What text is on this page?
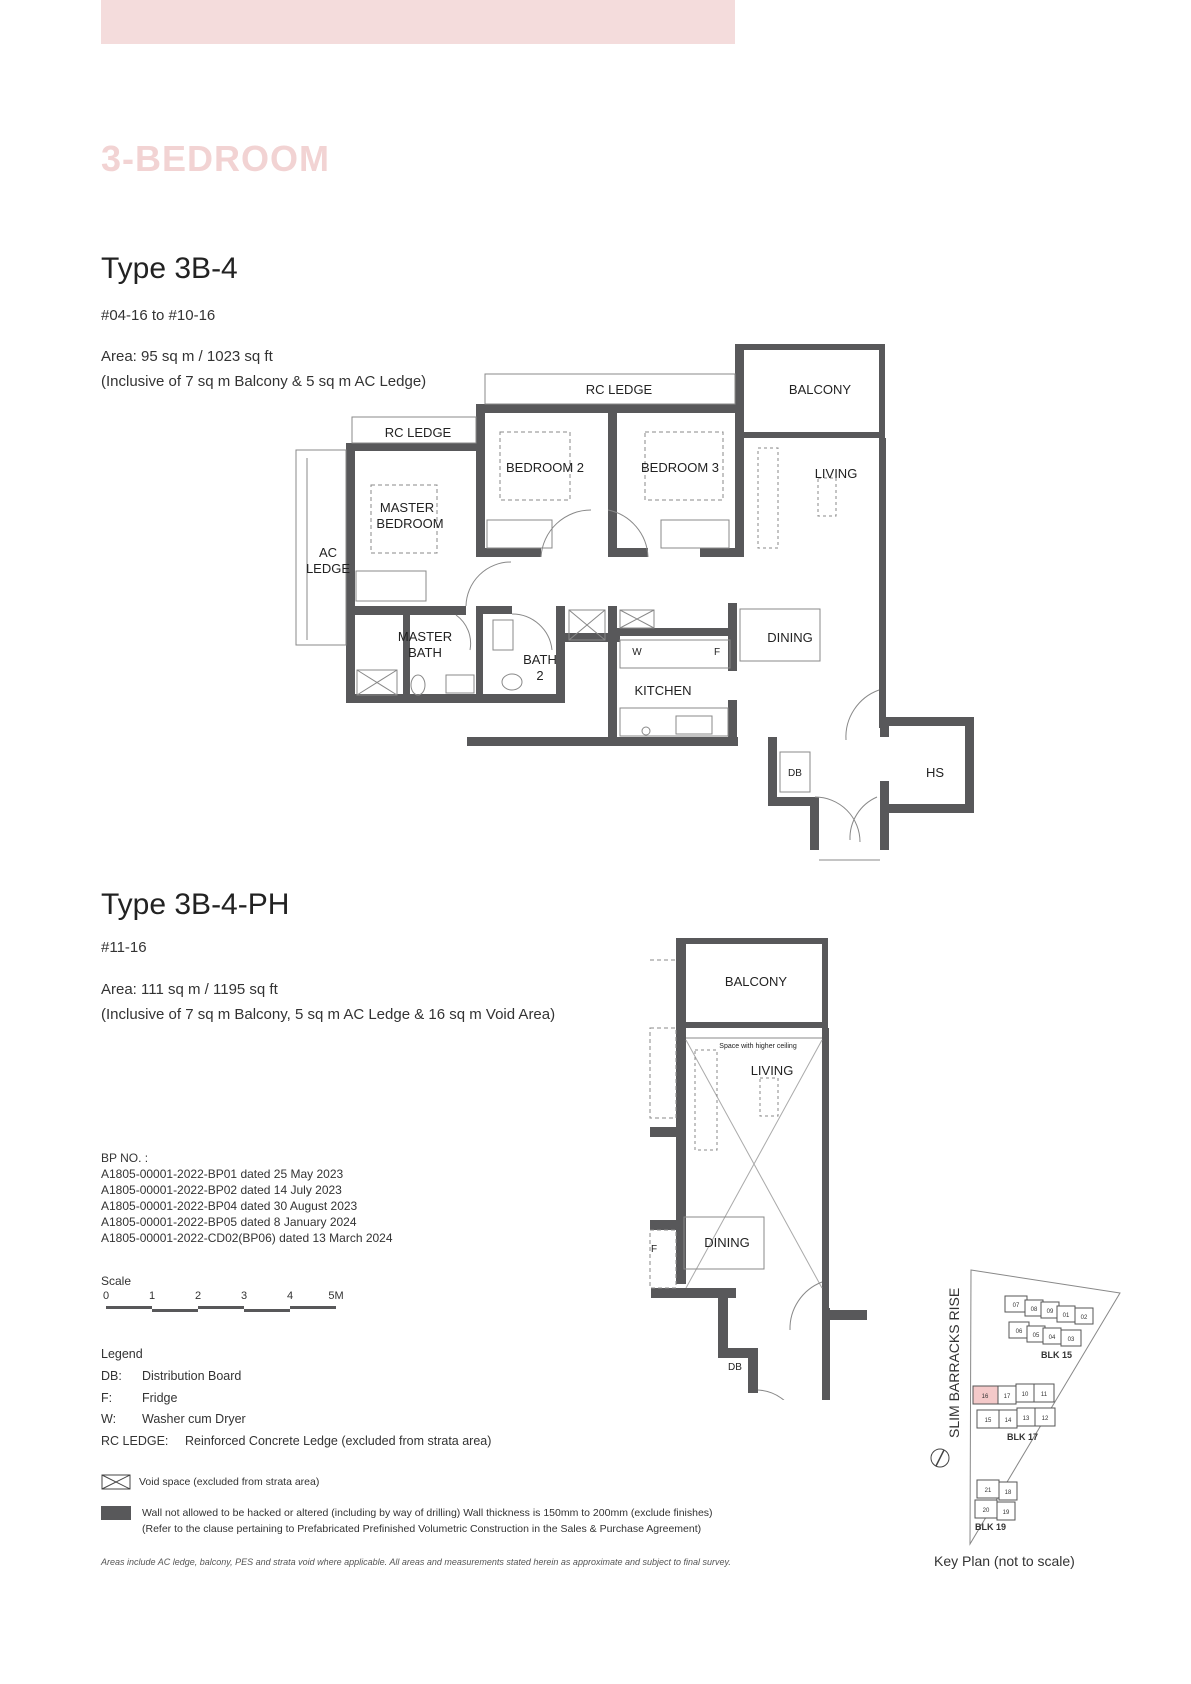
3-BEDROOM
Type 3B-4
#04-16 to #10-16
Area: 95 sq m / 1023 sq ft
(Inclusive of 7 sq m Balcony & 5 sq m AC Ledge)	RC LEDGE
RC LEDGE
BALCONY
BEDROOM 2	BEDROOM 3	LIVING
MASTER
BEDROOM
AC
LEDGE
MASTER
BATH	BATH
2
DINING
KITCHEN
W	F
DB	HS
Type 3B-4-PH
#11-16
Area: 111 sq m / 1195 sq ft
(Inclusive of 7 sq m Balcony, 5 sq m AC Ledge & 16 sq m Void Area)
BALCONY
Space with higher ceiling
LIVING
DINING
F
DB
BP NO. :
A1805-00001-2022-BP01 dated 25 May 2023
A1805-00001-2022-BP02 dated 14 July 2023
A1805-00001-2022-BP04 dated 30 August 2023
A1805-00001-2022-BP05 dated 8 January 2024
A1805-00001-2022-CD02(BP06) dated 13 March 2024
Scale
0	1	2	3	4	5M
Legend
DB: Distribution Board
F: Fridge
W: Washer cum Dryer
RC LEDGE: Reinforced Concrete Ledge (excluded from strata area)
Void space (excluded from strata area)
Wall not allowed to be hacked or altered (including by way of drilling) Wall thickness is 150mm to 200mm (exclude finishes)
(Refer to the clause pertaining to Prefabricated Prefinished Volumetric Construction in the Sales & Purchase Agreement)
Areas include AC ledge, balcony, PES and strata void where applicable. All areas and measurements stated herein as approximate and subject to final survey.
07
08 09
01 02
06
05 04 03
17 10 11
16
15 14 13 12
21 18
20 19
BLK 15
BLK 17
BLK 19
SLIM BARRACKS RISE
Key Plan (not to scale)
